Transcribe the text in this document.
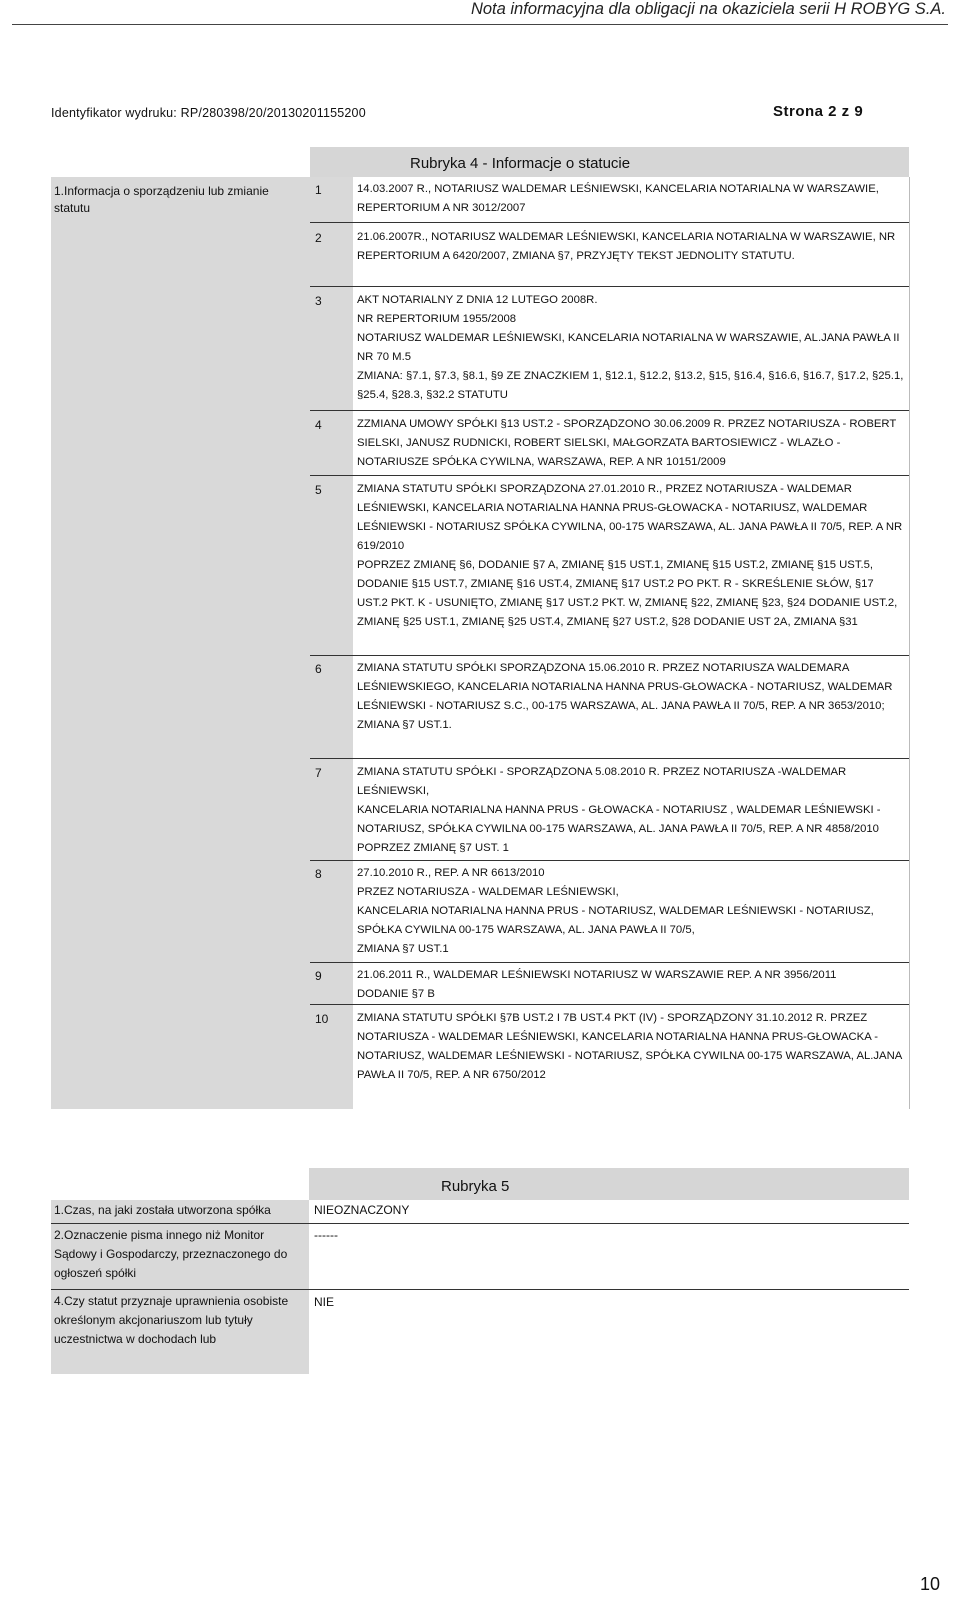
Nota informacyjna dla obligacji na okaziciela serii H ROBYG S.A.
Identyfikator wydruku: RP/280398/20/20130201155200	Strona 2 z 9
Rubryka 4 - Informacje o statucie
1.Informacja o sporządzeniu lub zmianie statutu
1
2
3
4
5
6
7
8
9
10
14.03.2007 R., NOTARIUSZ WALDEMAR LEŚNIEWSKI, KANCELARIA NOTARIALNA W WARSZAWIE, REPERTORIUM A NR 3012/2007
21.06.2007R., NOTARIUSZ WALDEMAR LEŚNIEWSKI, KANCELARIA NOTARIALNA W WARSZAWIE, NR REPERTORIUM A 6420/2007, ZMIANA §7, PRZYJĘTY TEKST JEDNOLITY STATUTU.
AKT NOTARIALNY Z DNIA 12 LUTEGO 2008R.
NR REPERTORIUM 1955/2008
NOTARIUSZ WALDEMAR LEŚNIEWSKI, KANCELARIA NOTARIALNA W WARSZAWIE, AL.JANA PAWŁA II NR 70 M.5
ZMIANA: §7.1, §7.3, §8.1, §9 ZE ZNACZKIEM 1, §12.1, §12.2, §13.2, §15, §16.4, §16.6, §16.7, §17.2, §25.1, §25.4, §28.3, §32.2 STATUTU
ZZMIANA UMOWY SPÓŁKI §13 UST.2 - SPORZĄDZONO 30.06.2009 R. PRZEZ NOTARIUSZA - ROBERT SIELSKI, JANUSZ RUDNICKI, ROBERT SIELSKI, MAŁGORZATA BARTOSIEWICZ - WLAZŁO - NOTARIUSZE SPÓŁKA CYWILNA, WARSZAWA, REP. A NR 10151/2009
ZMIANA STATUTU SPÓŁKI SPORZĄDZONA 27.01.2010 R., PRZEZ NOTARIUSZA - WALDEMAR LEŚNIEWSKI, KANCELARIA NOTARIALNA HANNA PRUS-GŁOWACKA - NOTARIUSZ, WALDEMAR LEŚNIEWSKI - NOTARIUSZ SPÓŁKA CYWILNA, 00-175 WARSZAWA, AL. JANA PAWŁA II 70/5, REP. A NR 619/2010
POPRZEZ ZMIANĘ §6, DODANIE §7 A, ZMIANĘ §15 UST.1, ZMIANĘ §15 UST.2, ZMIANĘ §15 UST.5, DODANIE §15 UST.7, ZMIANĘ §16 UST.4, ZMIANĘ §17 UST.2 PO PKT. R - SKREŚLENIE SŁÓW, §17 UST.2 PKT. K - USUNIĘTO, ZMIANĘ §17 UST.2 PKT. W, ZMIANĘ §22, ZMIANĘ §23, §24 DODANIE UST.2, ZMIANĘ §25 UST.1, ZMIANĘ §25 UST.4, ZMIANĘ §27 UST.2, §28 DODANIE UST 2A, ZMIANA §31
ZMIANA STATUTU SPÓŁKI SPORZĄDZONA 15.06.2010 R. PRZEZ NOTARIUSZA WALDEMARA LEŚNIEWSKIEGO, KANCELARIA NOTARIALNA HANNA PRUS-GŁOWACKA - NOTARIUSZ, WALDEMAR LEŚNIEWSKI - NOTARIUSZ S.C., 00-175 WARSZAWA, AL. JANA PAWŁA II 70/5, REP. A NR 3653/2010;
ZMIANA §7 UST.1.
ZMIANA STATUTU SPÓŁKI - SPORZĄDZONA 5.08.2010 R. PRZEZ NOTARIUSZA -WALDEMAR LEŚNIEWSKI,
KANCELARIA NOTARIALNA HANNA PRUS - GŁOWACKA - NOTARIUSZ , WALDEMAR LEŚNIEWSKI - NOTARIUSZ, SPÓŁKA CYWILNA 00-175 WARSZAWA, AL. JANA PAWŁA II 70/5, REP. A NR 4858/2010 POPRZEZ ZMIANĘ §7 UST. 1
27.10.2010 R., REP. A NR 6613/2010
PRZEZ NOTARIUSZA - WALDEMAR LEŚNIEWSKI,
KANCELARIA NOTARIALNA HANNA PRUS - NOTARIUSZ, WALDEMAR LEŚNIEWSKI - NOTARIUSZ, SPÓŁKA CYWILNA 00-175 WARSZAWA, AL. JANA PAWŁA II 70/5,
ZMIANA §7 UST.1
21.06.2011 R., WALDEMAR LEŚNIEWSKI NOTARIUSZ W WARSZAWIE REP. A NR 3956/2011
DODANIE §7 B
ZMIANA STATUTU SPÓŁKI §7B UST.2 I 7B UST.4 PKT (IV) - SPORZĄDZONY 31.10.2012 R. PRZEZ NOTARIUSZA - WALDEMAR LEŚNIEWSKI, KANCELARIA NOTARIALNA HANNA PRUS-GŁOWACKA - NOTARIUSZ, WALDEMAR LEŚNIEWSKI - NOTARIUSZ, SPÓŁKA CYWILNA 00-175 WARSZAWA, AL.JANA PAWŁA II 70/5, REP. A NR 6750/2012
Rubryka 5
1.Czas, na jaki została utworzona spółka
2.Oznaczenie pisma innego niż Monitor Sądowy i Gospodarczy, przeznaczonego do ogłoszeń spółki
4.Czy statut przyznaje uprawnienia osobiste określonym akcjonariuszom lub tytuły uczestnictwa w dochodach lub
NIEOZNACZONY
------
NIE
10
